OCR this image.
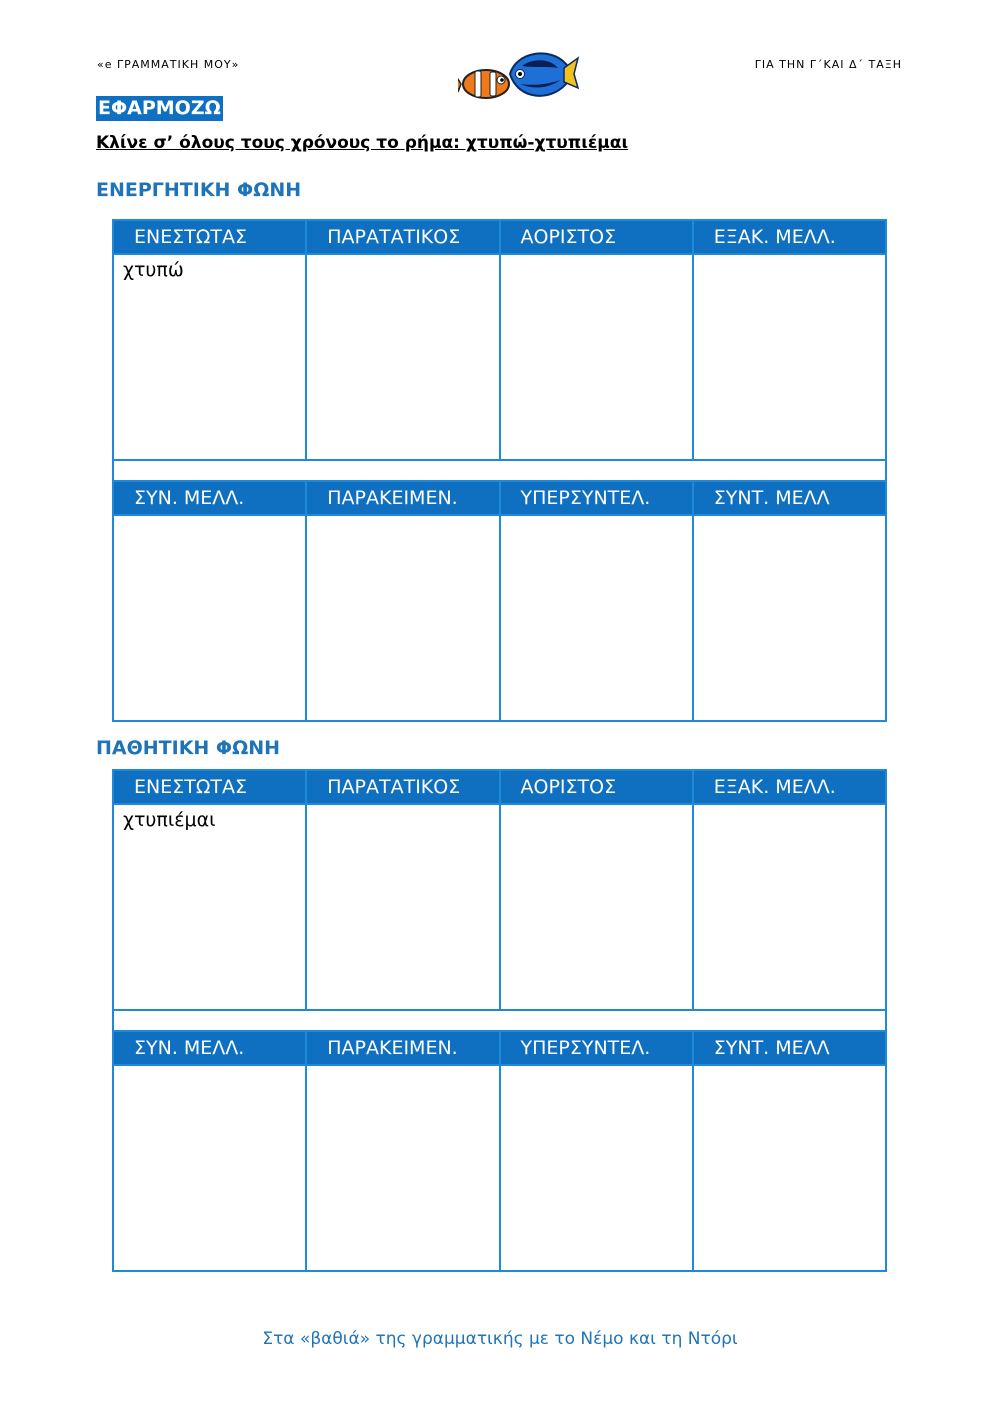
«e ΓΡΑΜΜΑΤΙΚΗ ΜΟΥ»	ΓΙΑ ΤΗΝ Γ΄ΚΑΙ Δ΄ ΤΑΞΗ
ΕΦΑΡΜΟΖΩ
Κλίνε σ’ όλους τους χρόνους το ρήμα: χτυπώ-χτυπιέμαι
ΕΝΕΡΓΗΤΙΚΗ ΦΩΝΗ
ΕΝΕΣΤΩΤΑΣ	ΠΑΡΑΤΑΤΙΚΟΣ	ΑΟΡΙΣΤΟΣ	ΕΞΑΚ. ΜΕΛΛ.
χτυπώ			

ΣΥΝ. ΜΕΛΛ.	ΠΑΡΑΚΕΙΜΕΝ.	ΥΠΕΡΣΥΝΤΕΛ.	ΣΥΝΤ. ΜΕΛΛ

ΠΑΘΗΤΙΚΗ ΦΩΝΗ
ΕΝΕΣΤΩΤΑΣ	ΠΑΡΑΤΑΤΙΚΟΣ	ΑΟΡΙΣΤΟΣ	ΕΞΑΚ. ΜΕΛΛ.
χτυπιέμαι			

ΣΥΝ. ΜΕΛΛ.	ΠΑΡΑΚΕΙΜΕΝ.	ΥΠΕΡΣΥΝΤΕΛ.	ΣΥΝΤ. ΜΕΛΛ

Στα «βαθιά» της γραμματικής με το Νέμο και τη Ντόρι
